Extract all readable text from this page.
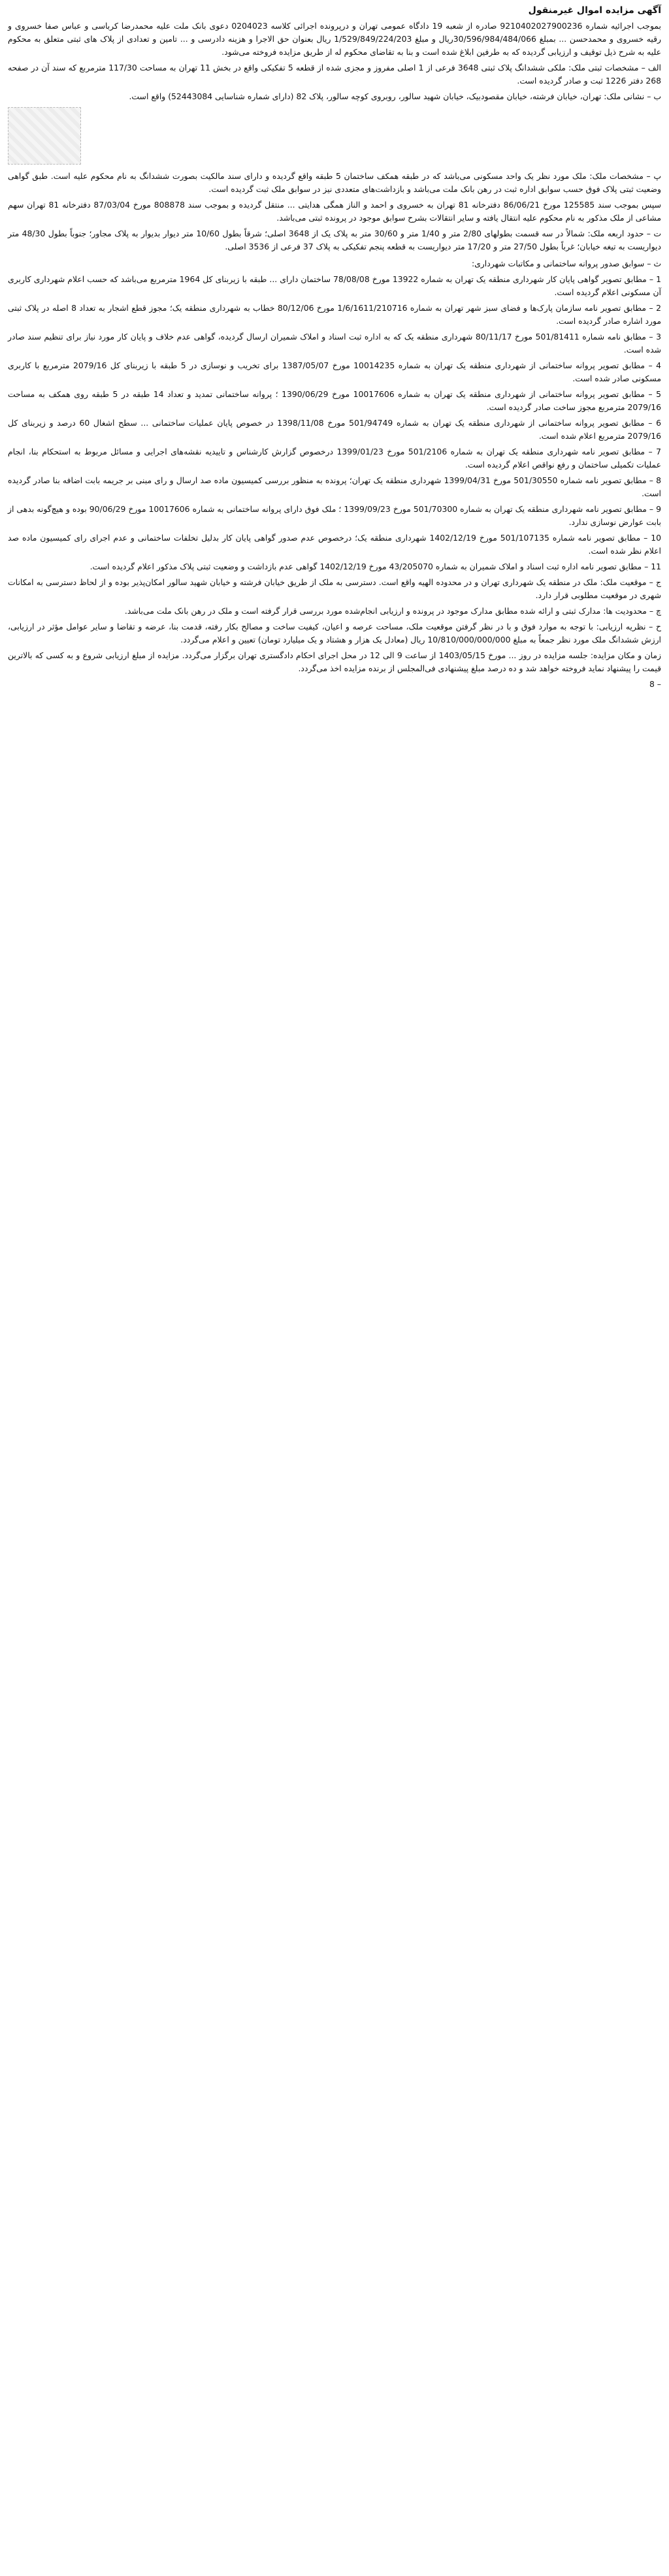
آگهی مزایده اموال غیرمنقول

بموجب اجرائیه شماره 9210402027900236 صادره از شعبه 19 دادگاه عمومی تهران و درپرونده اجرائی کلاسه 0204023 دعوی بانک ملت علیه محمدرضا کرباسی و عباس صفا خسروی و رقیه خسروی و محمدحسن ... بمبلغ 30/596/984/484/066ریال و مبلغ 1/529/849/224/203 ریال بعنوان حق الاجرا و هزینه دادرسی و ... تامین و تعدادی از پلاک های ثبتی متعلق به محکوم علیه به شرح ذیل توقیف و ارزیابی گردیده که به طرفین ابلاغ شده است و بنا به تقاضای محکوم له از طریق مزایده فروخته می‌شود.

الف – مشخصات ثبتی ملک: ملکی ششدانگ پلاک ثبتی 3648 فرعی از 1 اصلی مفروز و مجزی شده از قطعه 5 تفکیکی واقع در بخش 11 تهران به مساحت 117/30 مترمربع که سند آن در صفحه 268 دفتر 1226 ثبت و صادر گردیده است.

ب – نشانی ملک: تهران، خیابان فرشته، خیابان مقصودبیک، خیابان شهید سالور، روبروی کوچه سالور، پلاک 82 (دارای شماره شناسایی 52443084) واقع است.

پ – مشخصات ملک: ملک مورد نظر یک واحد مسکونی می‌باشد که در طبقه همکف ساختمان 5 طبقه واقع گردیده و دارای سند مالکیت بصورت ششدانگ به نام محکوم علیه است. طبق گواهی وضعیت ثبتی پلاک فوق حسب سوابق اداره ثبت در رهن بانک ملت می‌باشد و بازداشت‌های متعددی نیز در سوابق ملک ثبت گردیده است.

سپس بموجب سند 125585 مورخ 86/06/21 دفترخانه 81 تهران به خسروی و احمد و الناز همگی هدایتی ... منتقل گردیده و بموجب سند 808878 مورخ 87/03/04 دفترخانه 81 تهران سهم مشاعی از ملک مذکور به نام محکوم علیه انتقال یافته و سایر انتقالات بشرح سوابق موجود در پرونده ثبتی می‌باشد.

ت – حدود اربعه ملک: شمالاً در سه قسمت بطولهای 2/80 متر و 1/40 متر و 30/60 متر به پلاک یک از 3648 اصلی؛ شرقاً بطول 10/60 متر دیوار بدیوار به پلاک مجاور؛ جنوباً بطول 48/30 متر دیواریست به تیغه خیابان؛ غرباً بطول 27/50 متر و 17/20 متر دیواریست به قطعه پنجم تفکیکی به پلاک 37 فرعی از 3536 اصلی.

ث – سوابق صدور پروانه ساختمانی و مکاتبات شهرداری:

1 – مطابق تصویر گواهی پایان کار شهرداری منطقه یک تهران به شماره 13922 مورخ 78/08/08 ساختمان دارای ... طبقه با زیربنای کل 1964 مترمربع می‌باشد که حسب اعلام شهرداری کاربری آن مسکونی اعلام گردیده است.

2 – مطابق تصویر نامه سازمان پارک‌ها و فضای سبز شهر تهران به شماره 1/6/1611/210716 مورخ 80/12/06 خطاب به شهرداری منطقه یک؛ مجوز قطع اشجار به تعداد 8 اصله در پلاک ثبتی مورد اشاره صادر گردیده است.

3 – مطابق نامه شماره 501/81411 مورخ 80/11/17 شهرداری منطقه یک که به اداره ثبت اسناد و املاک شمیران ارسال گردیده، گواهی عدم خلاف و پایان کار مورد نیاز برای تنظیم سند صادر شده است.

4 – مطابق تصویر پروانه ساختمانی از شهرداری منطقه یک تهران به شماره 10014235 مورخ 1387/05/07 برای تخریب و نوسازی در 5 طبقه با زیربنای کل 2079/16 مترمربع با کاربری مسکونی صادر شده است.

5 – مطابق تصویر پروانه ساختمانی از شهرداری منطقه یک تهران به شماره 10017606 مورخ 1390/06/29 ؛ پروانه ساختمانی تمدید و تعداد 14 طبقه در 5 طبقه روی همکف به مساحت 2079/16 مترمربع مجوز ساخت صادر گردیده است.

6 – مطابق تصویر پروانه ساختمانی از شهرداری منطقه یک تهران به شماره 501/94749 مورخ 1398/11/08 در خصوص پایان عملیات ساختمانی ... سطح اشغال 60 درصد و زیربنای کل 2079/16 مترمربع اعلام شده است.

7 – مطابق تصویر نامه شهرداری منطقه یک تهران به شماره 501/2106 مورخ 1399/01/23 درخصوص گزارش کارشناس و تاییدیه نقشه‌های اجرایی و مسائل مربوط به استحکام بنا، انجام عملیات تکمیلی ساختمان و رفع نواقص اعلام گردیده است.

8 – مطابق تصویر نامه شماره 501/30550 مورخ 1399/04/31 شهرداری منطقه یک تهران؛ پرونده به منظور بررسی کمیسیون ماده صد ارسال و رای مبنی بر جریمه بابت اضافه بنا صادر گردیده است.

9 – مطابق تصویر نامه شهرداری منطقه یک تهران به شماره 501/70300 مورخ 1399/09/23 ؛ ملک فوق دارای پروانه ساختمانی به شماره 10017606 مورخ 90/06/29 بوده و هیچ‌گونه بدهی از بابت عوارض نوسازی ندارد.

10 – مطابق تصویر نامه شماره 501/107135 مورخ 1402/12/19 شهرداری منطقه یک؛ درخصوص عدم صدور گواهی پایان کار بدلیل تخلفات ساختمانی و عدم اجرای رای کمیسیون ماده صد اعلام نظر شده است.

11 – مطابق تصویر نامه اداره ثبت اسناد و املاک شمیران به شماره 43/205070 مورخ 1402/12/19 گواهی عدم بازداشت و وضعیت ثبتی پلاک مذکور اعلام گردیده است.

ج – موقعیت ملک: ملک در منطقه یک شهرداری تهران و در محدوده الهیه واقع است. دسترسی به ملک از طریق خیابان فرشته و خیابان شهید سالور امکان‌پذیر بوده و از لحاظ دسترسی به امکانات شهری در موقعیت مطلوبی قرار دارد.

چ – محدودیت ها: مدارک ثبتی و ارائه شده مطابق مدارک موجود در پرونده و ارزیابی انجام‌شده مورد بررسی قرار گرفته است و ملک در رهن بانک ملت می‌باشد.

ح – نظریه ارزیابی: با توجه به موارد فوق و با در نظر گرفتن موقعیت ملک، مساحت عرصه و اعیان، کیفیت ساخت و مصالح بکار رفته، قدمت بنا، عرضه و تقاضا و سایر عوامل مؤثر در ارزیابی، ارزش ششدانگ ملک مورد نظر جمعاً به مبلغ 10/810/000/000/000 ریال (معادل یک هزار و هشتاد و یک میلیارد تومان) تعیین و اعلام می‌گردد.

زمان و مکان مزایده: جلسه مزایده در روز ... مورخ 1403/05/15 از ساعت 9 الی 12 در محل اجرای احکام دادگستری تهران برگزار می‌گردد. مزایده از مبلغ ارزیابی شروع و به کسی که بالاترین قیمت را پیشنهاد نماید فروخته خواهد شد و ده درصد مبلغ پیشنهادی فی‌المجلس از برنده مزایده اخذ می‌گردد.

– 8
